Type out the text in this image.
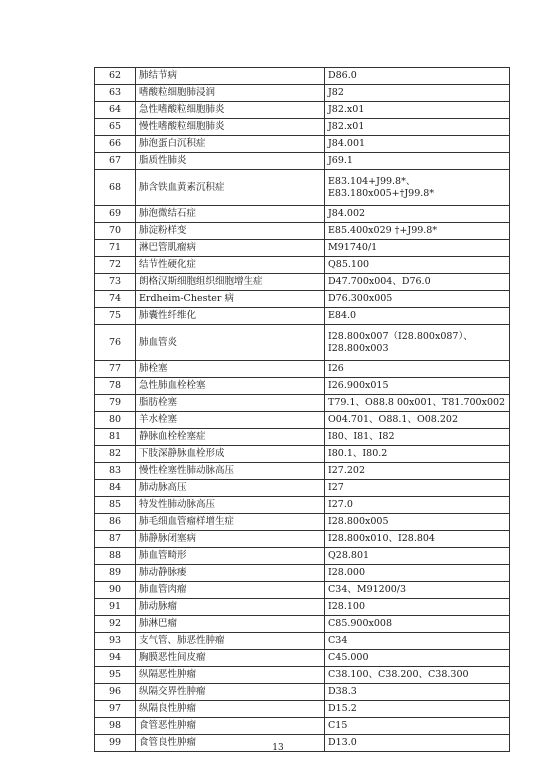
62	肺结节病	D86.0
63	嗜酸粒细胞肺浸润	J82
64	急性嗜酸粒细胞肺炎	J82.x01
65	慢性嗜酸粒细胞肺炎	J82.x01
66	肺泡蛋白沉积症	J84.001
67	脂质性肺炎	J69.1
68	肺含铁血黄素沉积症	E83.104+J99.8*、E83.180x005+†J99.8*
69	肺泡微结石症	J84.002
70	肺淀粉样变	E85.400x029 †+J99.8*
71	淋巴管肌瘤病	M91740/1
72	结节性硬化症	Q85.100
73	朗格汉斯细胞组织细胞增生症	D47.700x004、D76.0
74	Erdheim-Chester 病	D76.300x005
75	肺囊性纤维化	E84.0
76	肺血管炎	I28.800x007（I28.800x087）、I28.800x003
77	肺栓塞	I26
78	急性肺血栓栓塞	I26.900x015
79	脂肪栓塞	T79.1、O88.8 00x001、T81.700x002
80	羊水栓塞	O04.701、O88.1、O08.202
81	静脉血栓栓塞症	I80、I81、I82
82	下肢深静脉血栓形成	I80.1、I80.2
83	慢性栓塞性肺动脉高压	I27.202
84	肺动脉高压	I27
85	特发性肺动脉高压	I27.0
86	肺毛细血管瘤样增生症	I28.800x005
87	肺静脉闭塞病	I28.800x010、I28.804
88	肺血管畸形	Q28.801
89	肺动静脉瘘	I28.000
90	肺血管肉瘤	C34、M91200/3
91	肺动脉瘤	I28.100
92	肺淋巴瘤	C85.900x008
93	支气管、肺恶性肿瘤	C34
94	胸膜恶性间皮瘤	C45.000
95	纵隔恶性肿瘤	C38.100、C38.200、C38.300
96	纵隔交界性肿瘤	D38.3
97	纵隔良性肿瘤	D15.2
98	食管恶性肿瘤	C15
99	食管良性肿瘤	D13.0
13
